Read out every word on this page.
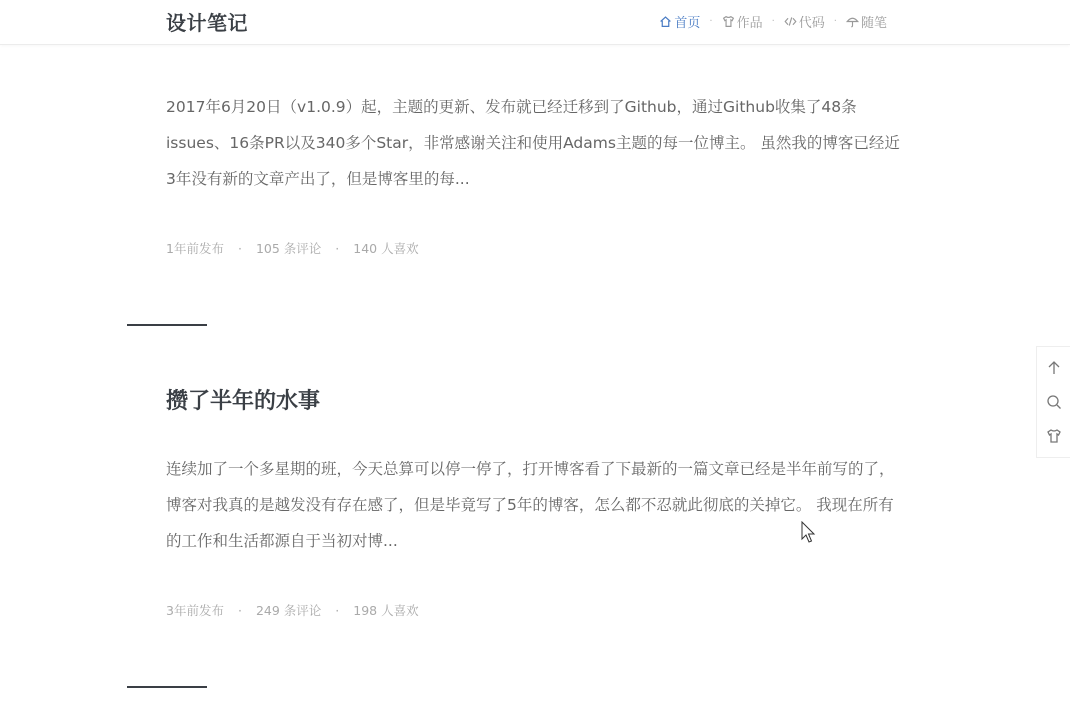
设计笔记	首页 · 作品 · 代码 · 随笔
2017年6月20日（v1.0.9）起，主题的更新、发布就已经迁移到了Github，通过Github收集了48条issues、16条PR以及340多个Star，非常感谢关注和使用Adams主题的每一位博主。 虽然我的博客已经近3年没有新的文章产出了，但是博客里的每...
1年前发布 · 105 条评论 · 140 人喜欢
攒了半年的水事
连续加了一个多星期的班，今天总算可以停一停了，打开博客看了下最新的一篇文章已经是半年前写的了，博客对我真的是越发没有存在感了，但是毕竟写了5年的博客，怎么都不忍就此彻底的关掉它。 我现在所有的工作和生活都源自于当初对博...
3年前发布 · 249 条评论 · 198 人喜欢
